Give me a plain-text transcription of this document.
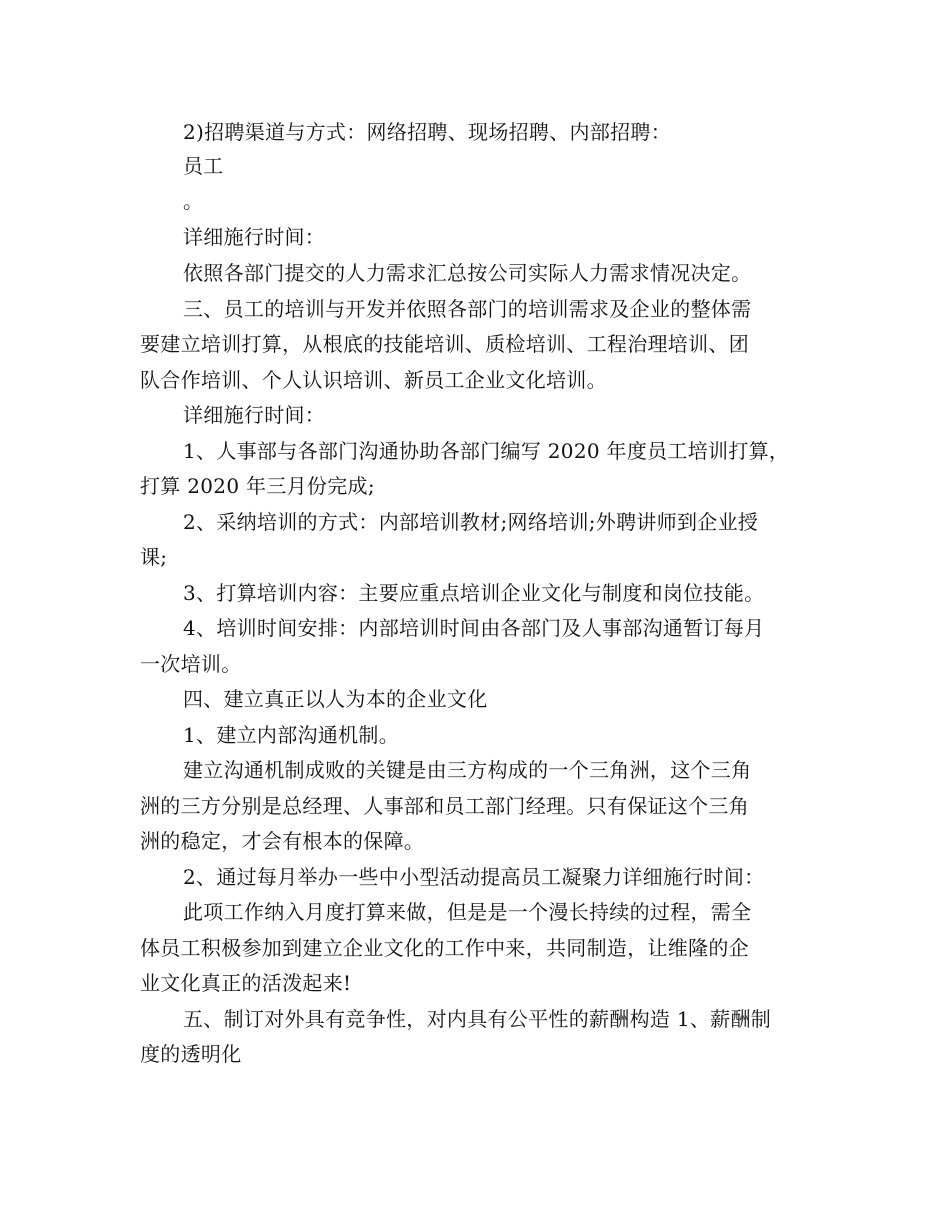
2)招聘渠道与方式：网络招聘、现场招聘、内部招聘：
员工
。
详细施行时间：
依照各部门提交的人力需求汇总按公司实际人力需求情况决定。
三、员工的培训与开发并依照各部门的培训需求及企业的整体需
要建立培训打算，从根底的技能培训、质检培训、工程治理培训、团
队合作培训、个人认识培训、新员工企业文化培训。
详细施行时间：
1、人事部与各部门沟通协助各部门编写 2020 年度员工培训打算，
打算 2020 年三月份完成;
2、采纳培训的方式：内部培训教材;网络培训;外聘讲师到企业授
课;
3、打算培训内容：主要应重点培训企业文化与制度和岗位技能。
4、培训时间安排：内部培训时间由各部门及人事部沟通暂订每月
一次培训。
四、建立真正以人为本的企业文化
1、建立内部沟通机制。
建立沟通机制成败的关键是由三方构成的一个三角洲，这个三角
洲的三方分别是总经理、人事部和员工部门经理。只有保证这个三角
洲的稳定，才会有根本的保障。
2、通过每月举办一些中小型活动提高员工凝聚力详细施行时间：
此项工作纳入月度打算来做，但是是一个漫长持续的过程，需全
体员工积极参加到建立企业文化的工作中来，共同制造，让维隆的企
业文化真正的活泼起来!
五、制订对外具有竞争性，对内具有公平性的薪酬构造 1、薪酬制
度的透明化
